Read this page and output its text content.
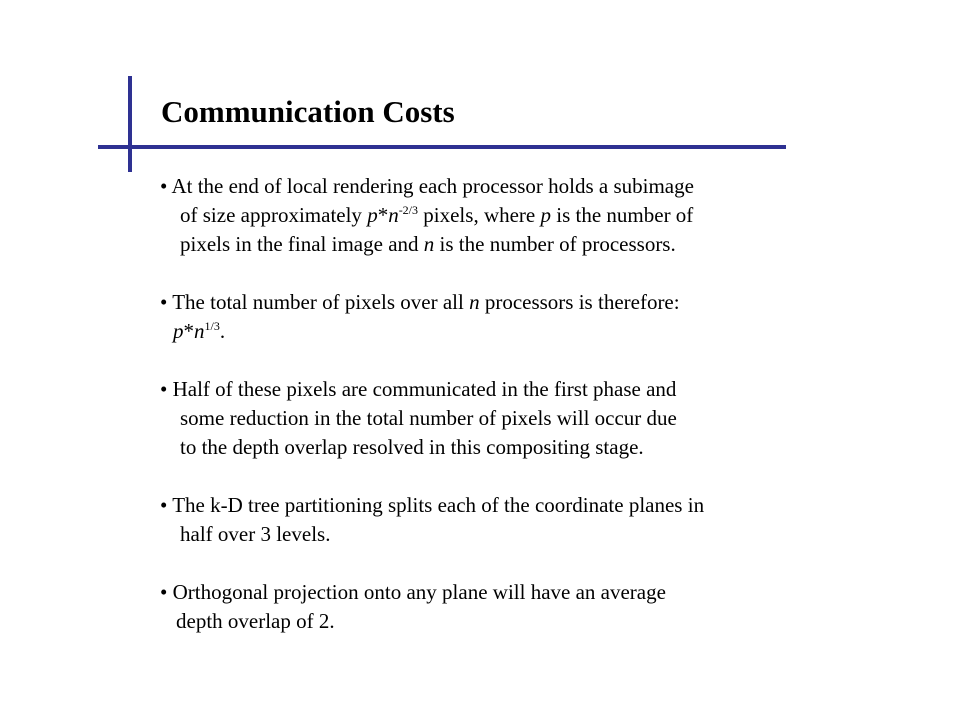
Communication Costs
• At the end of local rendering each processor holds a subimage
of size approximately $p*n^{-2/3}$ pixels, where p is the number of
pixels in the final image and n is the number of processors.
• The total number of pixels over all n processors is therefore:
$p*n^{1/3}$.
• Half of these pixels are communicated in the first phase and
some reduction in the total number of pixels will occur due
to the depth overlap resolved in this compositing stage.
• The k-D tree partitioning splits each of the coordinate planes in
half over 3 levels.
• Orthogonal projection onto any plane will have an average
depth overlap of 2.
